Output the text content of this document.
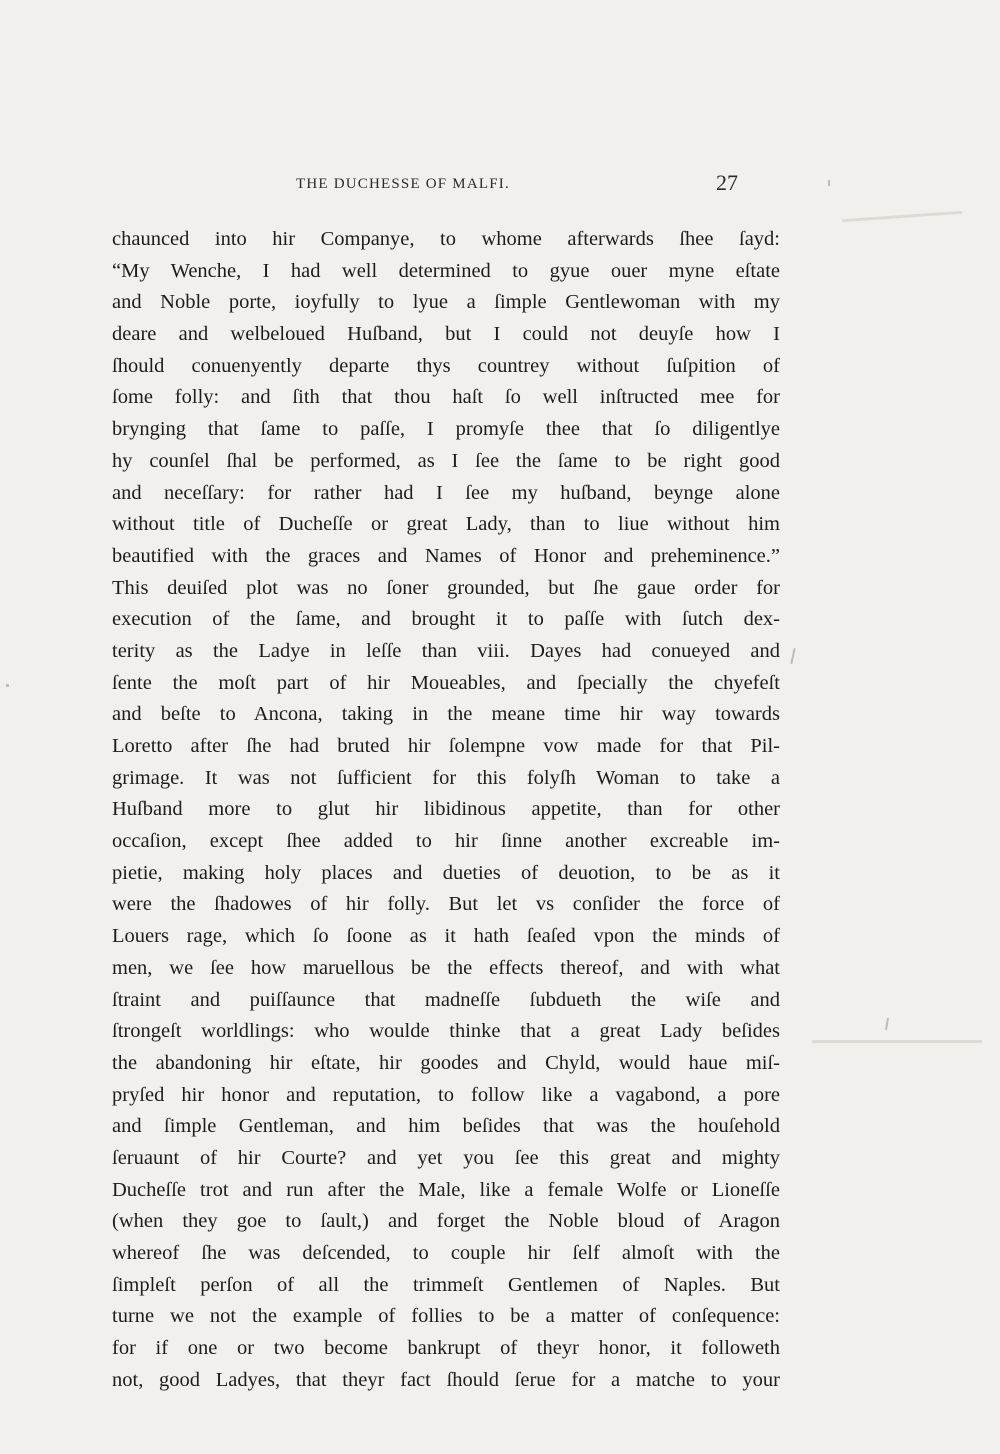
THE DUCHESSE OF MALFI.	27
chaunced into hir Companye, to whome afterwards ſhee ſayd:
“My Wenche, I had well determined to gyue ouer myne eſtate
and Noble porte, ioyfully to lyue a ſimple Gentlewoman with my
deare and welbeloued Huſband, but I could not deuyſe how I
ſhould conuenyently departe thys countrey without ſuſpition of
ſome folly: and ſith that thou haſt ſo well inſtructed mee for
brynging that ſame to paſſe, I promyſe thee that ſo diligentlye
hy counſel ſhal be performed, as I ſee the ſame to be right good
and neceſſary: for rather had I ſee my huſband, beynge alone
without title of Ducheſſe or great Lady, than to liue without him
beautified with the graces and Names of Honor and preheminence.”
This deuiſed plot was no ſoner grounded, but ſhe gaue order for
execution of the ſame, and brought it to paſſe with ſutch dex-
terity as the Ladye in leſſe than viii. Dayes had conueyed and
ſente the moſt part of hir Moueables, and ſpecially the chyefeſt
and beſte to Ancona, taking in the meane time hir way towards
Loretto after ſhe had bruted hir ſolempne vow made for that Pil-
grimage. It was not ſufficient for this folyſh Woman to take a
Huſband more to glut hir libidinous appetite, than for other
occaſion, except ſhee added to hir ſinne another excreable im-
pietie, making holy places and dueties of deuotion, to be as it
were the ſhadowes of hir folly. But let vs conſider the force of
Louers rage, which ſo ſoone as it hath ſeaſed vpon the minds of
men, we ſee how maruellous be the effects thereof, and with what
ſtraint and puiſſaunce that madneſſe ſubdueth the wiſe and
ſtrongeſt worldlings: who woulde thinke that a great Lady beſides
the abandoning hir eſtate, hir goodes and Chyld, would haue miſ-
pryſed hir honor and reputation, to follow like a vagabond, a pore
and ſimple Gentleman, and him beſides that was the houſehold
ſeruaunt of hir Courte? and yet you ſee this great and mighty
Ducheſſe trot and run after the Male, like a female Wolfe or Lioneſſe
(when they goe to ſault,) and forget the Noble bloud of Aragon
whereof ſhe was deſcended, to couple hir ſelf almoſt with the
ſimpleſt perſon of all the trimmeſt Gentlemen of Naples. But
turne we not the example of follies to be a matter of conſequence:
for if one or two become bankrupt of theyr honor, it followeth
not, good Ladyes, that theyr fact ſhould ſerue for a matche to your
